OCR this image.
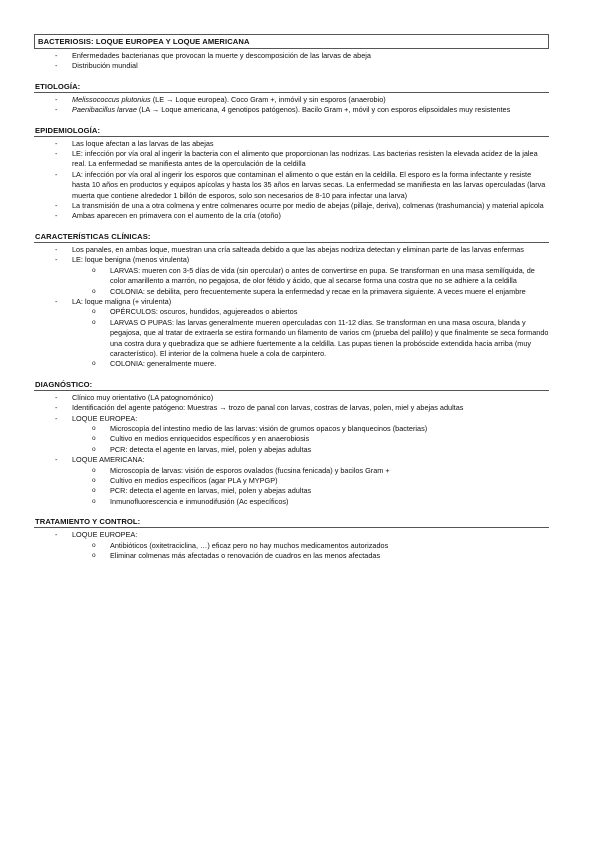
BACTERIOSIS: LOQUE EUROPEA Y LOQUE AMERICANA
- Enfermedades bacterianas que provocan la muerte y descomposición de las larvas de abeja
- Distribución mundial
ETIOLOGÍA:
- Melissococcus plutonius (LE → Loque europea). Coco Gram +, inmóvil y sin esporos (anaerobio)
- Paenibacillus larvae (LA → Loque americana, 4 genotipos patógenos). Bacilo Gram +, móvil y con esporos elipsoidales muy resistentes
EPIDEMIOLOGÍA:
- Las loque afectan a las larvas de las abejas
- LE: infección por vía oral al ingerir la bacteria con el alimento que proporcionan las nodrizas. Las bacterias resisten la elevada acidez de la jalea real. La enfermedad se manifiesta antes de la operculación de la celdilla
- LA: infección por vía oral al ingerir los esporos que contaminan el alimento o que están en la celdilla. El esporo es la forma infectante y resiste hasta 10 años en productos y equipos apícolas y hasta los 35 años en larvas secas. La enfermedad se manifiesta en las larvas operculadas (larva muerta que contiene alrededor 1 billón de esporos, solo son necesarios de 8-10 para infectar una larva)
- La transmisión de una a otra colmena y entre colmenares ocurre por medio de abejas (pillaje, deriva), colmenas (trashumancia) y material apícola
- Ambas aparecen en primavera con el aumento de la cría (otoño)
CARACTERÍSTICAS CLÍNICAS:
- Los panales, en ambas loque, muestran una cría salteada debido a que las abejas nodriza detectan y eliminan parte de las larvas enfermas
- LE: loque benigna (menos virulenta)
o LARVAS: mueren con 3-5 días de vida (sin opercular) o antes de convertirse en pupa. Se transforman en una masa semilíquida, de color amarillento a marrón, no pegajosa, de olor fétido y ácido, que al secarse forma una costra que no se adhiere a la celdilla
o COLONIA: se debilita, pero frecuentemente supera la enfermedad y recae en la primavera siguiente. A veces muere el enjambre
- LA: loque maligna (+ virulenta)
o OPÉRCULOS: oscuros, hundidos, agujereados o abiertos
o LARVAS O PUPAS: las larvas generalmente mueren operculadas con 11-12 días. Se transforman en una masa oscura, blanda y pegajosa, que al tratar de extraerla se estira formando un filamento de varios cm (prueba del palillo) y que finalmente se seca formando una costra dura y quebradiza que se adhiere fuertemente a la celdilla. Las pupas tienen la probóscide extendida hacia arriba (muy característico). El interior de la colmena huele a cola de carpintero.
o COLONIA: generalmente muere.
DIAGNÓSTICO:
- Clínico muy orientativo (LA patognomónico)
- Identificación del agente patógeno: Muestras → trozo de panal con larvas, costras de larvas, polen, miel y abejas adultas
- LOQUE EUROPEA:
o Microscopía del intestino medio de las larvas: visión de grumos opacos y blanquecinos (bacterias)
o Cultivo en medios enriquecidos específicos y en anaerobiosis
o PCR: detecta el agente en larvas, miel, polen y abejas adultas
- LOQUE AMERICANA:
o Microscopía de larvas: visión de esporos ovalados (fucsina fenicada) y bacilos Gram +
o Cultivo en medios específicos (agar PLA y MYPGP)
o PCR: detecta el agente en larvas, miel, polen y abejas adultas
o Inmunofluorescencia e inmunodifusión (Ac específicos)
TRATAMIENTO Y CONTROL:
- LOQUE EUROPEA:
o Antibióticos (oxitetraciclina, …) eficaz pero no hay muchos medicamentos autorizados
o Eliminar colmenas más afectadas o renovación de cuadros en las menos afectadas
